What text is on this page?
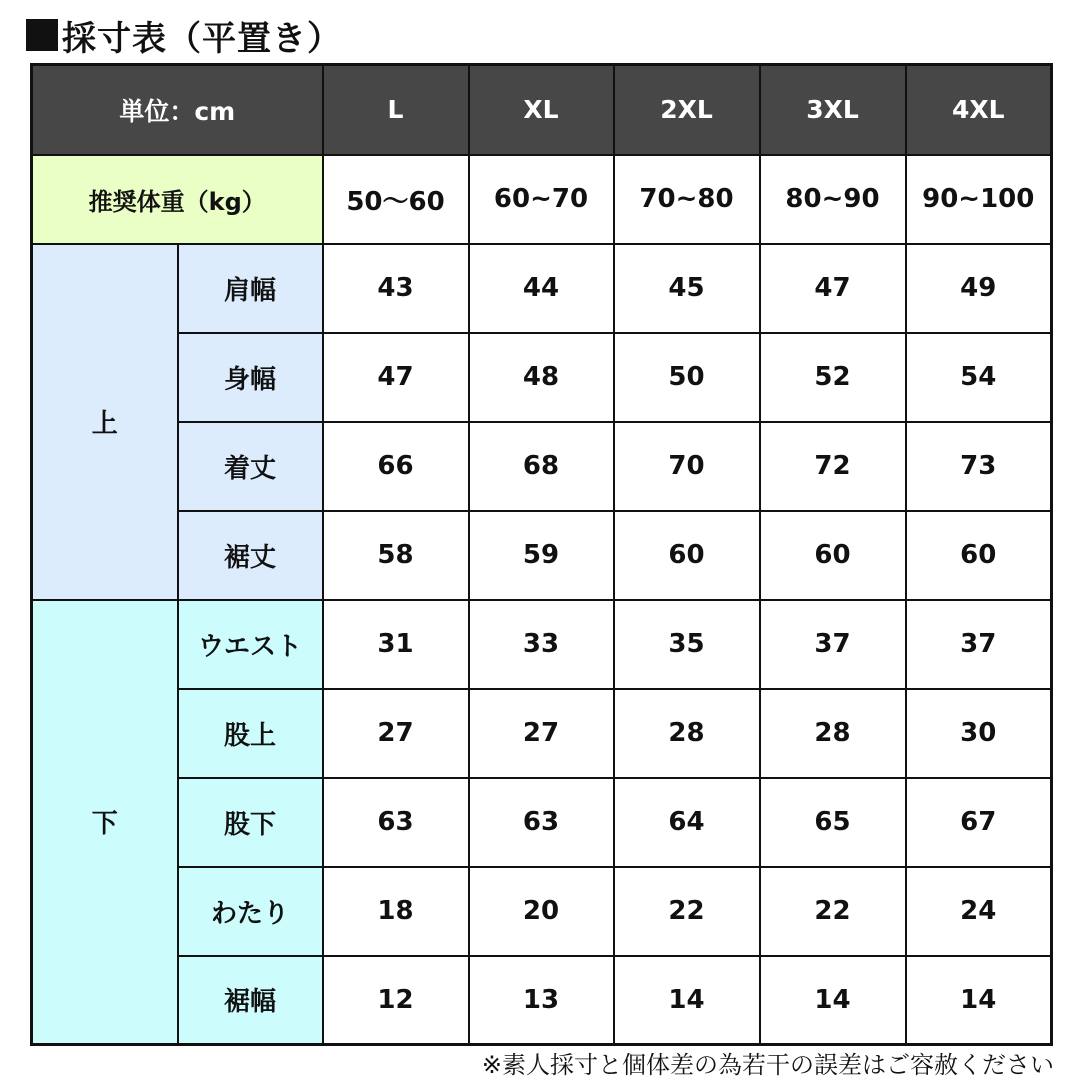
採寸表（平置き）
単位：cm		L	XL	2XL	3XL	4XL
推奨体重（kg）		50〜60	60~70	70~80	80~90	90~100
上	肩幅	43	44	45	47	49
	身幅	47	48	50	52	54
	着丈	66	68	70	72	73
	裾丈	58	59	60	60	60
下	ウエスト	31	33	35	37	37
	股上	27	27	28	28	30
	股下	63	63	64	65	67
	わたり	18	20	22	22	24
	裾幅	12	13	14	14	14
※素人採寸と個体差の為若干の誤差はご容赦ください
